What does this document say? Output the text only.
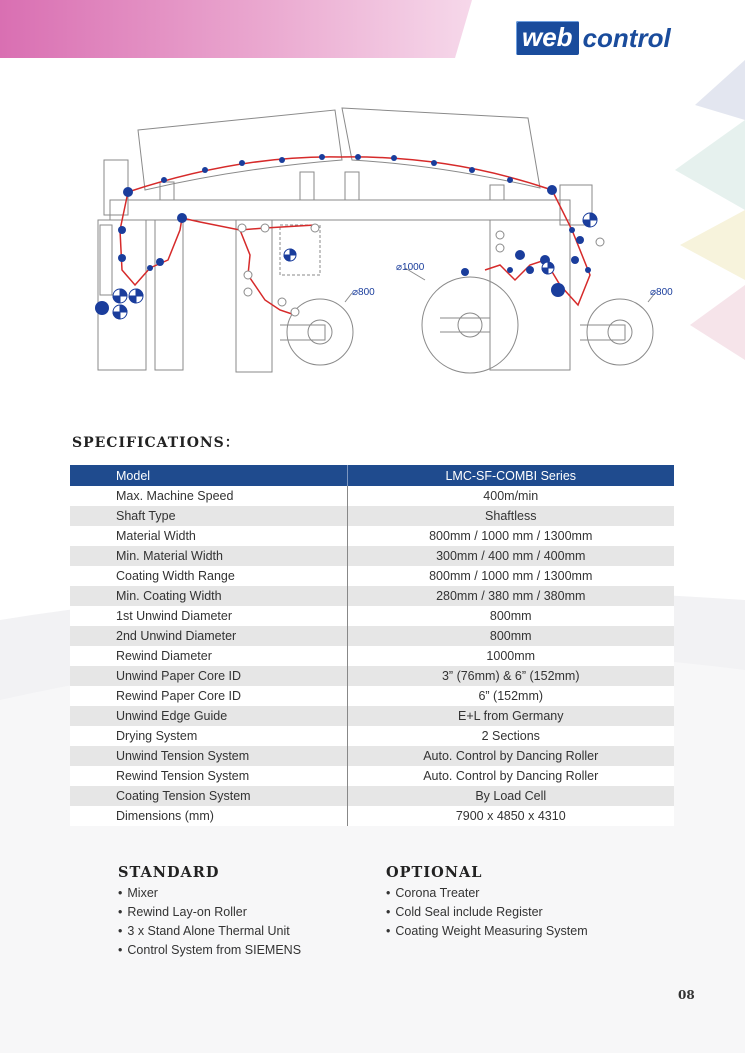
web control
⌀800
⌀1000
⌀800
SPECIFICATIONS：
Model	LMC-SF-COMBI Series
Max. Machine Speed	400m/min
Shaft Type	Shaftless
Material Width	800mm / 1000 mm / 1300mm
Min. Material Width	300mm / 400 mm / 400mm
Coating Width Range	800mm / 1000 mm / 1300mm
Min. Coating Width	280mm / 380 mm / 380mm
1st Unwind Diameter	800mm
2nd Unwind Diameter	800mm
Rewind Diameter	1000mm
Unwind Paper Core ID	3” (76mm) & 6” (152mm)
Rewind Paper Core ID	6” (152mm)
Unwind Edge Guide	E+L from Germany
Drying System	2 Sections
Unwind Tension System	Auto. Control by Dancing Roller
Rewind Tension System	Auto. Control by Dancing Roller
Coating Tension System	By Load Cell
Dimensions (mm)	7900 x 4850 x 4310
STANDARD
• Mixer
• Rewind Lay-on Roller
• 3 x Stand Alone Thermal Unit
• Control System from SIEMENS
OPTIONAL
• Corona Treater
• Cold Seal include Register
• Coating Weight Measuring System
08
